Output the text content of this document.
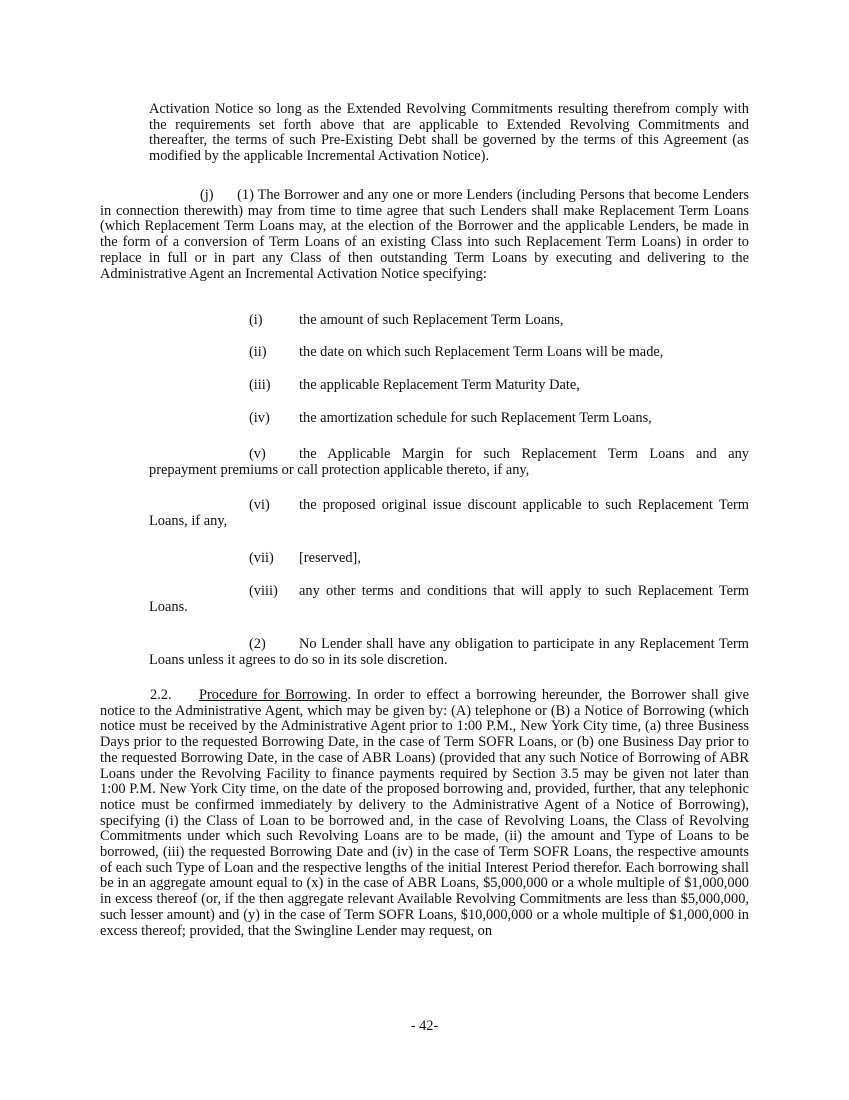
Activation Notice so long as the Extended Revolving Commitments resulting therefrom comply with the requirements set forth above that are applicable to Extended Revolving Commitments and thereafter, the terms of such Pre-Existing Debt shall be governed by the terms of this Agreement (as modified by the applicable Incremental Activation Notice).

(j)      (1) The Borrower and any one or more Lenders (including Persons that become Lenders in connection therewith) may from time to time agree that such Lenders shall make Replacement Term Loans (which Replacement Term Loans may, at the election of the Borrower and the applicable Lenders, be made in the form of a conversion of Term Loans of an existing Class into such Replacement Term Loans) in order to replace in full or in part any Class of then outstanding Term Loans by executing and delivering to the Administrative Agent an Incremental Activation Notice specifying:

(i)	the amount of such Replacement Term Loans,
(ii) the date on which such Replacement Term Loans will be made,
(iii) the applicable Replacement Term Maturity Date,
(iv) the amortization schedule for such Replacement Term Loans,

(v) the Applicable Margin for such Replacement Term Loans and any prepayment premiums or call protection applicable thereto, if any,

(vi) the proposed original issue discount applicable to such Replacement Term Loans, if any,

(vii) [reserved],

(viii) any other terms and conditions that will apply to such Replacement Term Loans.

(2) No Lender shall have any obligation to participate in any Replacement Term Loans unless it agrees to do so in its sole discretion.

2.2. Procedure for Borrowing. In order to effect a borrowing hereunder, the Borrower shall give notice to the Administrative Agent, which may be given by: (A) telephone or (B) a Notice of Borrowing (which notice must be received by the Administrative Agent prior to 1:00 P.M., New York City time, (a) three Business Days prior to the requested Borrowing Date, in the case of Term SOFR Loans, or (b) one Business Day prior to the requested Borrowing Date, in the case of ABR Loans) (provided that any such Notice of Borrowing of ABR Loans under the Revolving Facility to finance payments required by Section 3.5 may be given not later than 1:00 P.M. New York City time, on the date of the proposed borrowing and, provided, further, that any telephonic notice must be confirmed immediately by delivery to the Administrative Agent of a Notice of Borrowing), specifying (i) the Class of Loan to be borrowed and, in the case of Revolving Loans, the Class of Revolving Commitments under which such Revolving Loans are to be made, (ii) the amount and Type of Loans to be borrowed, (iii) the requested Borrowing Date and (iv) in the case of Term SOFR Loans, the respective amounts of each such Type of Loan and the respective lengths of the initial Interest Period therefor. Each borrowing shall be in an aggregate amount equal to (x) in the case of ABR Loans, $5,000,000 or a whole multiple of $1,000,000 in excess thereof (or, if the then aggregate relevant Available Revolving Commitments are less than $5,000,000, such lesser amount) and (y) in the case of Term SOFR Loans, $10,000,000 or a whole multiple of $1,000,000 in excess thereof; provided, that the Swingline Lender may request, on

- 42-
